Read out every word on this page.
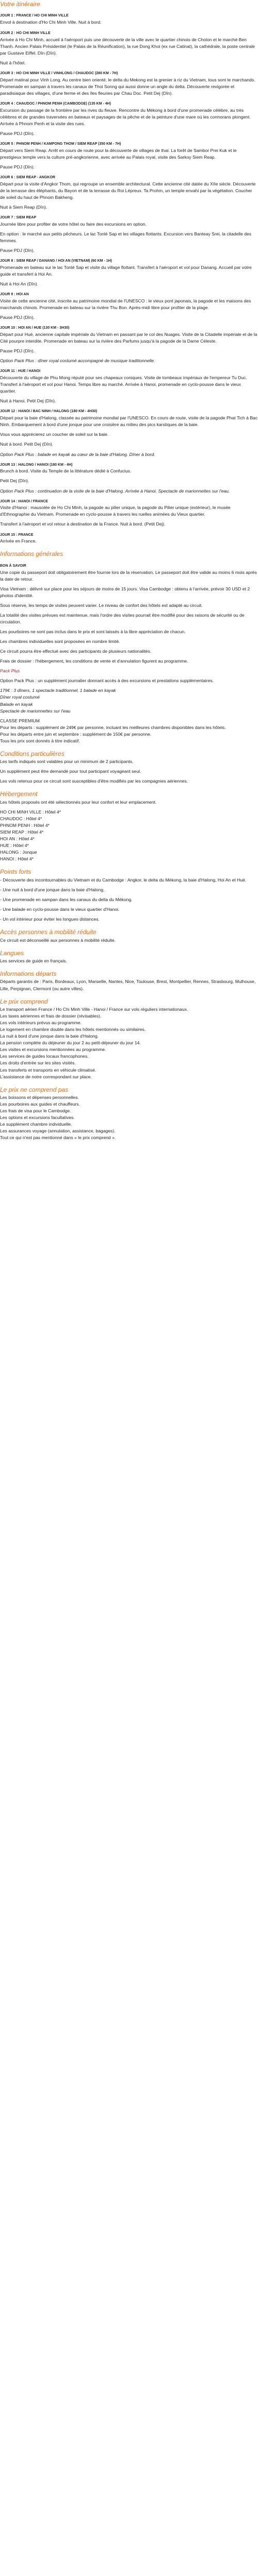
Votre itinéraire
JOUR 1 : FRANCE / HO CHI MINH VILLE

Envol à destination d'Ho Chi Minh Ville. Nuit à bord.

JOUR 2 : HO CHI MINH VILLE

Arrivée à Ho Chi Minh, accueil à l'aéroport puis une découverte de la ville avec le quartier chinois de Cholon et le marché Ben Thanh. Ancien Palais Présidentiel (le Palais de la Réunification), la rue Dong Khoi (ex rue Catinat), la cathédrale, la poste centrale par Gustave Eiffel. Dîn (Dîn).

Nuit à l'hôtel.

JOUR 3 : HO CHI MINH VILLE / VINHLONG / CHAUDOC (280 KM - 7H)

Départ matinal pour Vinh Long. Au centre bien orienté, le delta du Mekong est la grenier à riz du Vietnam, tous sont le marchands. Promenade en sampan à travers les canaux de Thoi Sonng qui aussi donne un angle du delta. Découverte revigorée et paradisiaque des villages, d'une ferme et des îles fleuries par Chau Doc. Petit Dej (Dîn).

JOUR 4 : CHAUDOC / PHNOM PENH (CAMBODGE) (135 KM - 4H)

Excursion du passage de la frontière par les rives du fleuve. Rencontre du Mékong à bord d'une promenade célèbre, au très célèbres et de grandes traversées en bateaux et paysages de la pêche et de la peinture d'une mare où les cormorans plongent. Arrivée à Phnom Penh et la visite des rues.

Pause PDJ (Dîn).

JOUR 5 : PHNOM PENH / KAMPONG THOM / SIEM REAP (350 KM - 7H)

Départ vers Siem Reap. Arrêt en cours de route pour la découverte de villages de thaï. La forêt de Sambor Prei Kuk et le prestigieux temple vers la culture pré-angkorienne, avec arrivée au Palais royal, visite des Sarkoy Siem Reap.

Pause PDJ (Dîn).

JOUR 6 : SIEM REAP - ANGKOR

Départ pour la visite d'Angkor Thom, qui regroupe un ensemble architectural. Cette ancienne cité datée du XIIe siècle. Découverte de la terrasse des éléphants, du Bayon et de la terrasse du Roi Lépreux. Ta Prohm, un temple envahi par la végétation. Coucher de soleil du haut de Phnom Bakheng.

Nuit à Siem Reap (Dîn).

JOUR 7 : SIEM REAP

Journée libre pour profiter de votre hôtel ou faire des excursions en option.

En option : le marché aux petits pêcheurs. Le lac Tonlé Sap et les villages flottants. Excursion vers Banteay Srei, la citadelle des femmes.

Pause PDJ (Dîn).

JOUR 8 : SIEM REAP / DANANG / HOI AN (VIETNAM) (60 KM - 1H)

Promenade en bateau sur le lac Tonlé Sap et visite du village flottant. Transfert à l'aéroport et vol pour Danang. Accueil par votre guide et transfert à Hoi An.

Nuit à Hoi An (Dîn).

JOUR 9 : HOI AN

Visite de cette ancienne cité, inscrite au patrimoine mondial de l'UNESCO : le vieux pont japonais, la pagode et les maisons des marchands chinois. Promenade en bateau sur la rivière Thu Bon. Après-midi libre pour profiter de la plage.

Pause PDJ (Dîn).

JOUR 10 : HOI AN / HUE (130 KM - 3H30)

Départ pour Hué, ancienne capitale impériale du Vietnam en passant par le col des Nuages. Visite de la Citadelle impériale et de la Cité pourpre interdite. Promenade en bateau sur la rivière des Parfums jusqu'à la pagode de la Dame Céleste.

Pause PDJ (Dîn).

Option Pack Plus : dîner royal costumé accompagné de musique traditionnelle.

JOUR 11 : HUE / HANOI

Découverte du village de Phu Mong réputé pour ses chapeaux coniques. Visite de tombeaux impériaux de l'empereur Tu Duc. Transfert à l'aéroport et vol pour Hanoi. Temps libre au marché. Arrivée à Hanoi, promenade en cyclo-pousse dans le vieux quartier.

Nuit à Hanoi. Petit Dej (Dîn).

JOUR 12 : HANOI / BAC NINH / HALONG (180 KM - 4H30)

Départ pour la baie d'Halong, classée au patrimoine mondial par l'UNESCO. En cours de route, visite de la pagode Phat Tich à Bac Ninh. Embarquement à bord d'une jonque pour une croisière au milieu des pics karstiques de la baie.

Vous vous apprécierez un coucher de soleil sur la baie.

Nuit à bord. Petit Dej (Dîn).

Option Pack Plus : balade en kayak au cœur de la baie d'Halong. Dîner à bord.

JOUR 13 : HALONG / HANOI (180 KM - 4H)

Brunch à bord. Visite du Temple de la littérature dédié à Confucius.

Petit Dej (Dîn).

Option Pack Plus : continuation de la visite de la baie d'Halong. Arrivée à Hanoi. Spectacle de marionnettes sur l'eau.

JOUR 14 : HANOI / FRANCE

Visite d'Hanoi : mausolée de Ho Chi Minh, la pagode au pilier unique, la pagode du Pilier unique (extérieur), le musée d'Ethnographie du Vietnam. Promenade en cyclo-pousse à travers les ruelles animées du Vieux quartier.

Transfert à l'aéroport et vol retour à destination de la France. Nuit à bord. (Petit Dej).

JOUR 15 : FRANCE

Arrivée en France.

Informations générales
BON À SAVOIR

Une copie du passeport doit obligatoirement être fournie lors de la réservation. Le passeport doit être valide au moins 6 mois après la date de retour.

Visa Vietnam : délivré sur place pour les séjours de moins de 15 jours. Visa Cambodge : obtenu à l'arrivée, prévoir 30 USD et 2 photos d'identité.

Sous réserve, les temps de visites peuvent varier. Le niveau de confort des hôtels est adapté au circuit.

La totalité des visites prévues est maintenue, mais l'ordre des visites pourrait être modifié pour des raisons de sécurité ou de circulation.

Les pourboires ne sont pas inclus dans le prix et sont laissés à la libre appréciation de chacun.

Les chambres individuelles sont proposées en nombre limité.

Ce circuit pourra être effectué avec des participants de plusieurs nationalités.

Frais de dossier : l'hébergement, les conditions de vente et d'annulation figurent au programme.

Pack Plus

Option Pack Plus : un supplément journalier donnant accès à des excursions et prestations supplémentaires.

179€ : 3 dîners, 1 spectacle traditionnel, 1 balade en kayak
Dîner royal costumé
Balade en kayak
Spectacle de marionnettes sur l'eau
CLASSE PREMIUM
Pour les départs : supplément de 249€ par personne, incluant les meilleures chambres disponibles dans les hôtels.
Pour les départs entre juin et septembre : supplément de 150€ par personne.
Tous les prix sont donnés à titre indicatif.
Conditions particulières

Les tarifs indiqués sont valables pour un minimum de 2 participants.

Un supplément peut être demandé pour tout participant voyageant seul.

Les vols retenus pour ce circuit sont susceptibles d'être modifiés par les compagnies aériennes.

Hébergement

Les hôtels proposés ont été sélectionnés pour leur confort et leur emplacement.

HO CHI MINH VILLE : Hôtel 4*
CHAUDOC : Hôtel 4*
PHNOM PENH : Hôtel 4*
SIEM REAP : Hôtel 4*
HOI AN : Hôtel 4*
HUE : Hôtel 4*
HALONG : Jonque
HANOI : Hôtel 4*
Points forts

- Découverte des incontournables du Vietnam et du Cambodge : Angkor, le delta du Mékong, la baie d'Halong, Hoi An et Hué.

- Une nuit à bord d'une jonque dans la baie d'Halong.

- Une promenade en sampan dans les canaux du delta du Mékong.

- Une balade en cyclo-pousse dans le vieux quartier d'Hanoi.

- Un vol intérieur pour éviter les longues distances.

Accès personnes à mobilité réduite

Ce circuit est déconseillé aux personnes à mobilité réduite.

Langues

Les services de guide en français.

Informations départs

Départs garantis de : Paris, Bordeaux, Lyon, Marseille, Nantes, Nice, Toulouse, Brest, Montpellier, Rennes, Strasbourg, Mulhouse, Lille, Perpignan, Clermont (ou autre villes).

Le prix comprend
Le transport aérien France / Ho Chi Minh Ville - Hanoi / France sur vols réguliers internationaux.
Les taxes aériennes et frais de dossier (révisables).
Les vols intérieurs prévus au programme.
Le logement en chambre double dans les hôtels mentionnés ou similaires.
La nuit à bord d'une jonque dans la baie d'Halong.
La pension complète du déjeuner du jour 2 au petit-déjeuner du jour 14.
Les visites et excursions mentionnées au programme.
Les services de guides locaux francophones.
Les droits d'entrée sur les sites visités.
Les transferts et transports en véhicule climatisé.
L'assistance de notre correspondant sur place.
Le prix ne comprend pas
Les boissons et dépenses personnelles.
Les pourboires aux guides et chauffeurs.
Les frais de visa pour le Cambodge.
Les options et excursions facultatives.
Le supplément chambre individuelle.
Les assurances voyage (annulation, assistance, bagages).
Tout ce qui n'est pas mentionné dans « le prix comprend ».
